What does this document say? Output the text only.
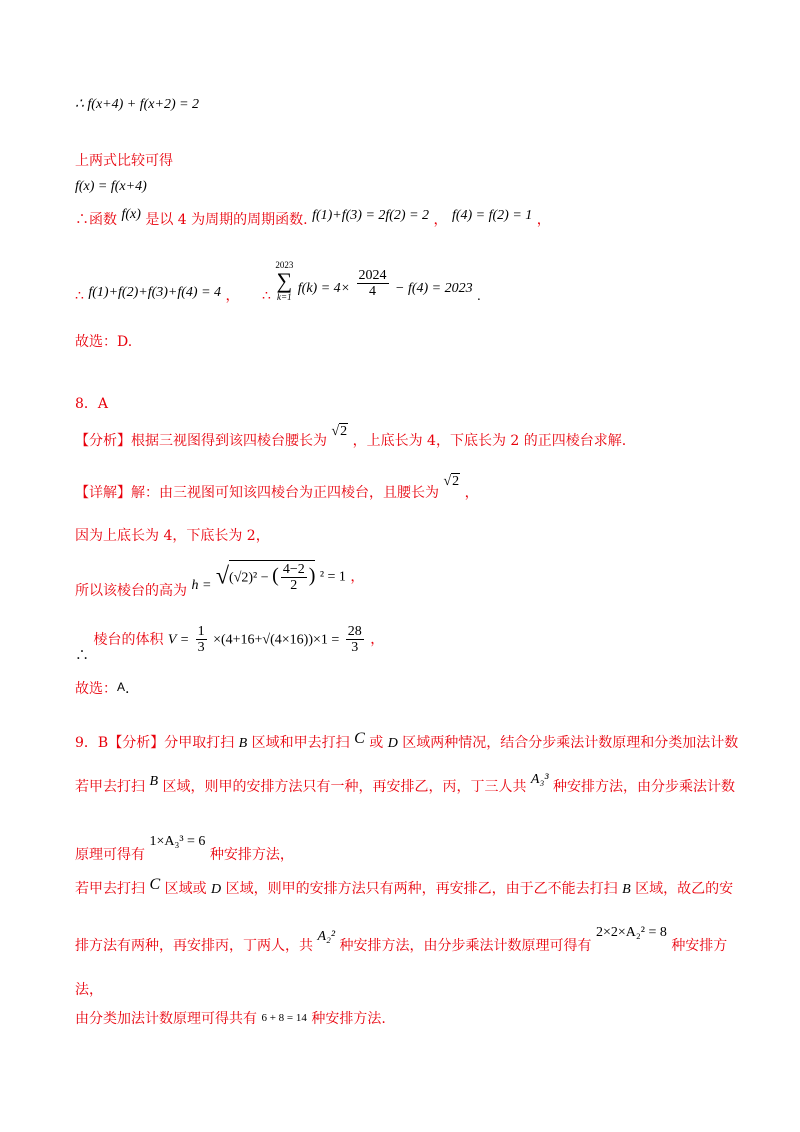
∴ f(x+4) + f(x+2) = 2
上两式比较可得
f(x) = f(x+4)
∴函数 f(x) 是以 4 为周期的周期函数. f(1)+f(3) = 2f(2) = 2 ， f(4) = f(2) = 1 ，
∴ f(1)+f(2)+f(3)+f(4) = 4 ， ∴
2023
∑
k=1
$f(k) = 4\times \frac{2024}{4} - f(4) = 2023$ .
故选：D.
8．A
【分析】根据三视图得到该四棱台腰长为 √2 ，上底长为 4，下底长为 2 的正四棱台求解.
【详解】解：由三视图可知该四棱台为正四棱台，且腰长为 √2 ，
因为上底长为 4，下底长为 2，
所以该棱台的高为 h = √(√2)² − ( $\frac{4-2}{2}$ ) ² = 1 ，
∴ 棱台的体积 $V = \frac{1}{3} \times(4+16+√(4\times 16))\times 1 = \frac{28}{3}$ ，
故选：A.
9．B【分析】分甲取打扫 B 区域和甲去打扫 C 或 D 区域两种情况，结合分步乘法计数原理和分类加法计数
若甲去打扫 B 区域，则甲的安排方法只有一种，再安排乙，丙，丁三人共 A₃³ 种安排方法，由分步乘法计数
原理可得有 1×A₃³ = 6 种安排方法，
若甲去打扫 C 区域或 D 区域，则甲的安排方法只有两种，再安排乙，由于乙不能去打扫 B 区域，故乙的安
排方法有两种，再安排丙，丁两人，共 A₂² 种安排方法，由分步乘法计数原理可得有 2×2×A₂² = 8 种安排方
法，
由分类加法计数原理可得共有 6 + 8 = 14 种安排方法.
